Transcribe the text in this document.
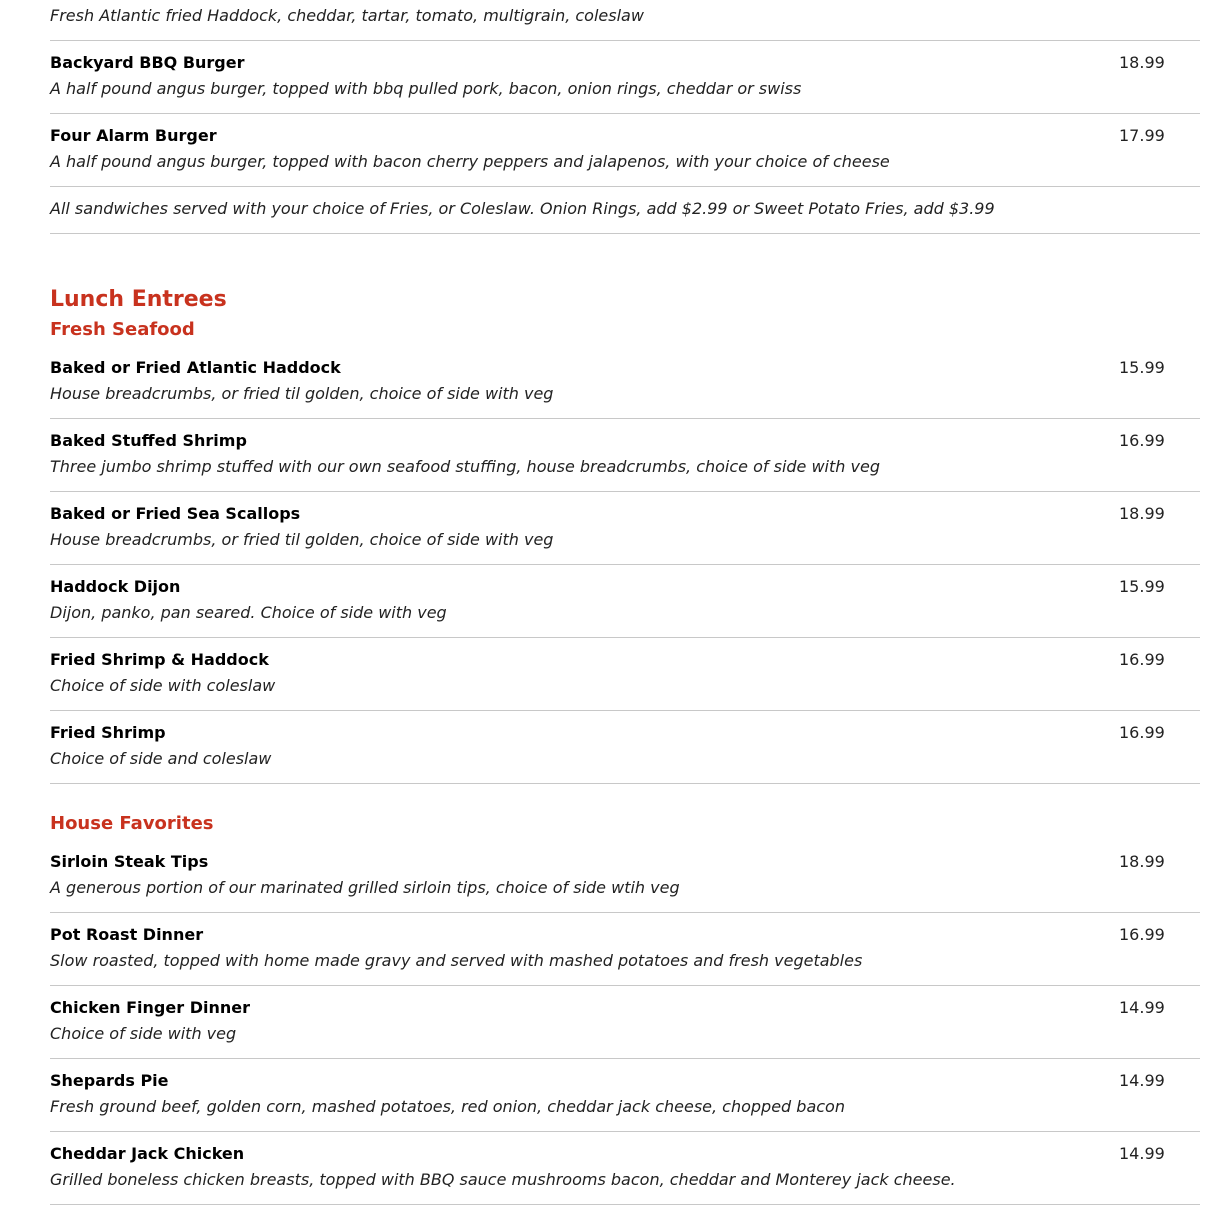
Fresh Atlantic fried Haddock, cheddar, tartar, tomato, multigrain, coleslaw
Backyard BBQ Burger	18.99
A half pound angus burger, topped with bbq pulled pork, bacon, onion rings, cheddar or swiss
Four Alarm Burger	17.99
A half pound angus burger, topped with bacon cherry peppers and jalapenos, with your choice of cheese
All sandwiches served with your choice of Fries, or Coleslaw. Onion Rings, add $2.99 or Sweet Potato Fries, add $3.99
Lunch Entrees
Fresh Seafood
Baked or Fried Atlantic Haddock	15.99
House breadcrumbs, or fried til golden, choice of side with veg
Baked Stuffed Shrimp	16.99
Three jumbo shrimp stuffed with our own seafood stuffing, house breadcrumbs, choice of side with veg
Baked or Fried Sea Scallops	18.99
House breadcrumbs, or fried til golden, choice of side with veg
Haddock Dijon	15.99
Dijon, panko, pan seared. Choice of side with veg
Fried Shrimp & Haddock	16.99
Choice of side with coleslaw
Fried Shrimp	16.99
Choice of side and coleslaw
House Favorites
Sirloin Steak Tips	18.99
A generous portion of our marinated grilled sirloin tips, choice of side wtih veg
Pot Roast Dinner	16.99
Slow roasted, topped with home made gravy and served with mashed potatoes and fresh vegetables
Chicken Finger Dinner	14.99
Choice of side with veg
Shepards Pie	14.99
Fresh ground beef, golden corn, mashed potatoes, red onion, cheddar jack cheese, chopped bacon
Cheddar Jack Chicken	14.99
Grilled boneless chicken breasts, topped with BBQ sauce mushrooms bacon, cheddar and Monterey jack cheese.
